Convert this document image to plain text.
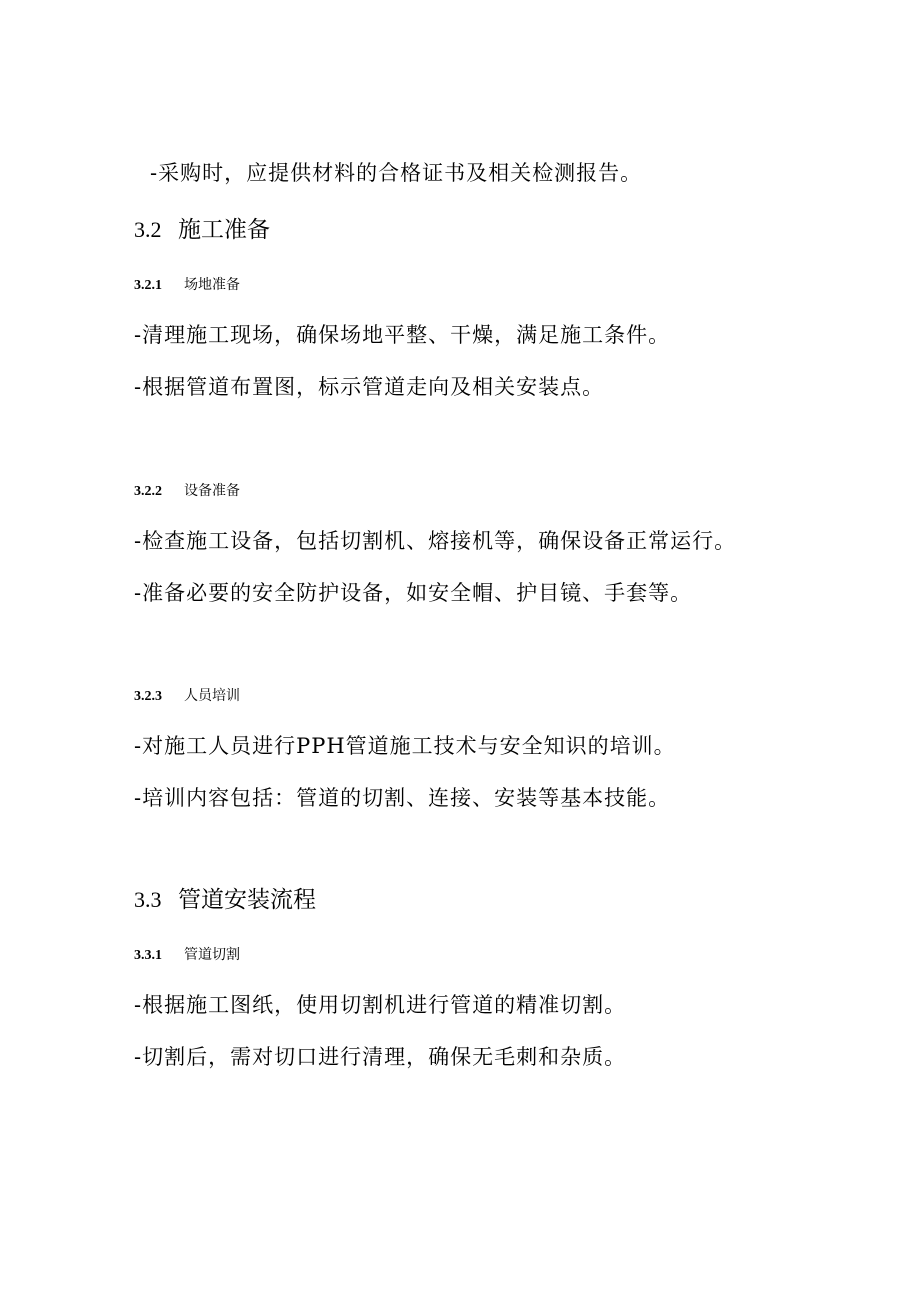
-采购时，应提供材料的合格证书及相关检测报告。

3.2 施工准备
3.2.1 场地准备

-清理施工现场，确保场地平整、干燥，满足施工条件。

-根据管道布置图，标示管道走向及相关安装点。

3.2.2 设备准备

-检查施工设备，包括切割机、熔接机等，确保设备正常运行。

-准备必要的安全防护设备，如安全帽、护目镜、手套等。

3.2.3 人员培训

-对施工人员进行PPH管道施工技术与安全知识的培训。

-培训内容包括：管道的切割、连接、安装等基本技能。

3.3 管道安装流程
3.3.1 管道切割

-根据施工图纸，使用切割机进行管道的精准切割。

-切割后，需对切口进行清理，确保无毛刺和杂质。
